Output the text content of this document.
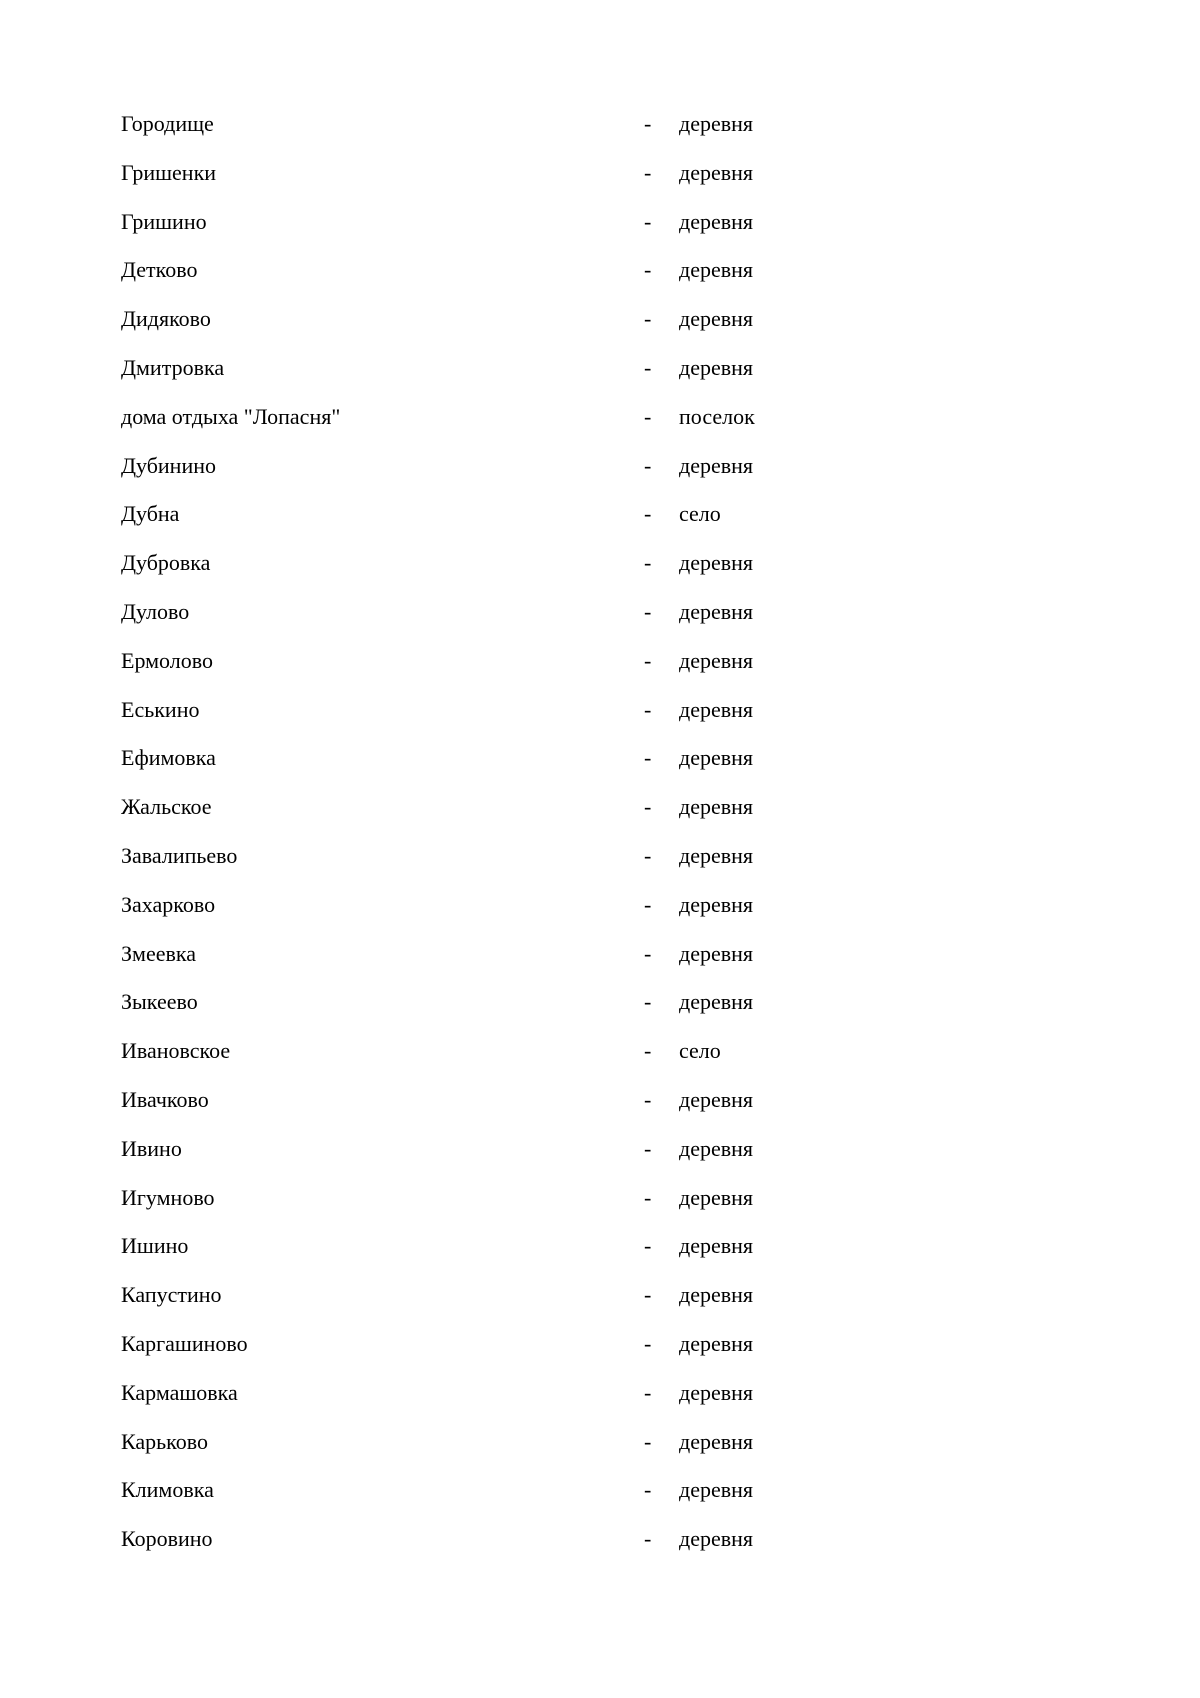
Городище	- деревня
Гришенки	- деревня
Гришино	- деревня
Детково	- деревня
Дидяково	- деревня
Дмитровка	- деревня
дома отдыха "Лопасня"	- поселок
Дубинино	- деревня
Дубна	- село
Дубровка	- деревня
Дулово	- деревня
Ермолово	- деревня
Еськино	- деревня
Ефимовка	- деревня
Жальское	- деревня
Завалипьево	- деревня
Захарково	- деревня
Змеевка	- деревня
Зыкеево	- деревня
Ивановское	- село
Ивачково	- деревня
Ивино	- деревня
Игумново	- деревня
Ишино	- деревня
Капустино	- деревня
Каргашиново	- деревня
Кармашовка	- деревня
Карьково	- деревня
Климовка	- деревня
Коровино	- деревня
